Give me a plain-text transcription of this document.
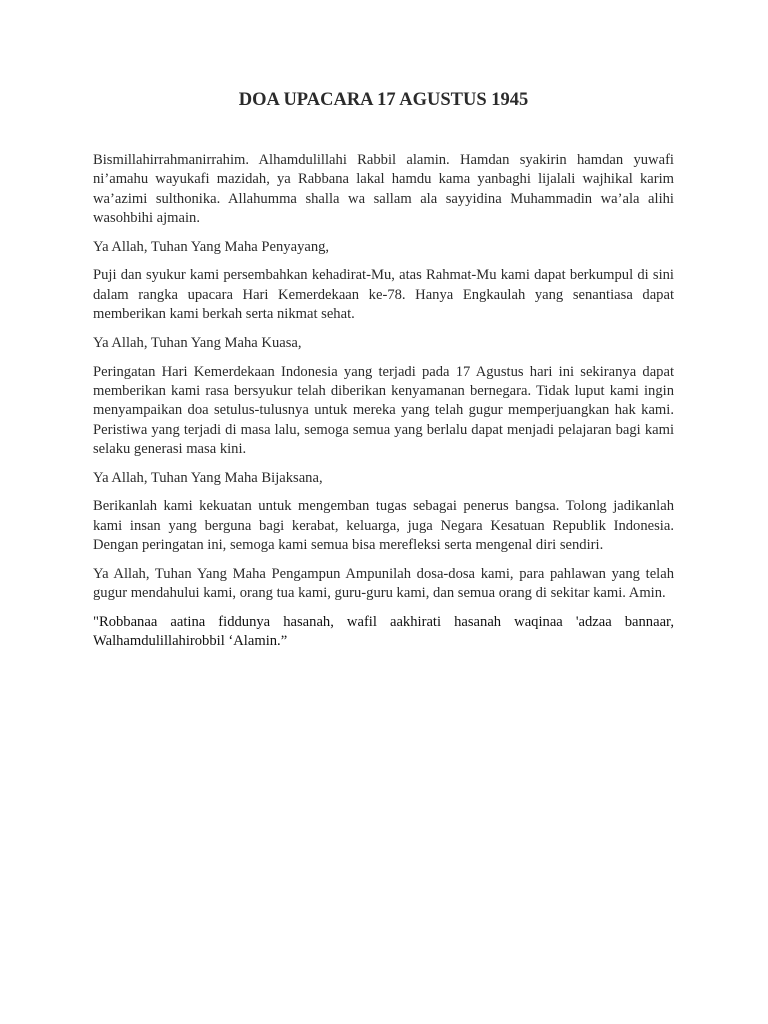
DOA UPACARA 17 AGUSTUS 1945

Bismillahirrahmanirrahim. Alhamdulillahi Rabbil alamin. Hamdan syakirin hamdan yuwafi ni’amahu wayukafi mazidah, ya Rabbana lakal hamdu kama yanbaghi lijalali wajhikal karim wa’azimi sulthonika. Allahumma shalla wa sallam ala sayyidina Muhammadin wa’ala alihi wasohbihi ajmain.

Ya Allah, Tuhan Yang Maha Penyayang,

Puji dan syukur kami persembahkan kehadirat-Mu, atas Rahmat-Mu kami dapat berkumpul di sini dalam rangka upacara Hari Kemerdekaan ke-78. Hanya Engkaulah yang senantiasa dapat memberikan kami berkah serta nikmat sehat.

Ya Allah, Tuhan Yang Maha Kuasa,

Peringatan Hari Kemerdekaan Indonesia yang terjadi pada 17 Agustus hari ini sekiranya dapat memberikan kami rasa bersyukur telah diberikan kenyamanan bernegara. Tidak luput kami ingin menyampaikan doa setulus-tulusnya untuk mereka yang telah gugur memperjuangkan hak kami. Peristiwa yang terjadi di masa lalu, semoga semua yang berlalu dapat menjadi pelajaran bagi kami selaku generasi masa kini.

Ya Allah, Tuhan Yang Maha Bijaksana,

Berikanlah kami kekuatan untuk mengemban tugas sebagai penerus bangsa. Tolong jadikanlah kami insan yang berguna bagi kerabat, keluarga, juga Negara Kesatuan Republik Indonesia. Dengan peringatan ini, semoga kami semua bisa merefleksi serta mengenal diri sendiri.

Ya Allah, Tuhan Yang Maha Pengampun Ampunilah dosa-dosa kami, para pahlawan yang telah gugur mendahului kami, orang tua kami, guru-guru kami, dan semua orang di sekitar kami. Amin.

"Robbanaa aatina fiddunya hasanah, wafil aakhirati hasanah waqinaa 'adzaa bannaar, Walhamdulillahirobbil ‘Alamin.”
